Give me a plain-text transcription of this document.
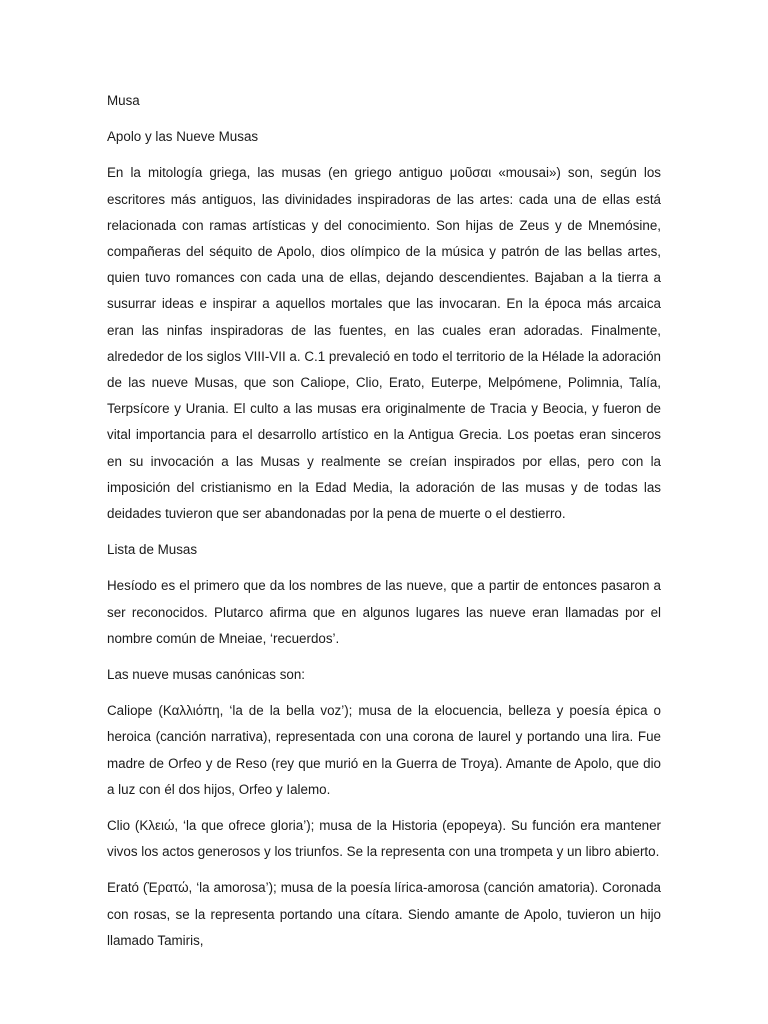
Musa

Apolo y las Nueve Musas

En la mitología griega, las musas (en griego antiguo μοῦσαι «mousai») son, según los escritores más antiguos, las divinidades inspiradoras de las artes: cada una de ellas está relacionada con ramas artísticas y del conocimiento. Son hijas de Zeus y de Mnemósine, compañeras del séquito de Apolo, dios olímpico de la música y patrón de las bellas artes, quien tuvo romances con cada una de ellas, dejando descendientes. Bajaban a la tierra a susurrar ideas e inspirar a aquellos mortales que las invocaran. En la época más arcaica eran las ninfas inspiradoras de las fuentes, en las cuales eran adoradas. Finalmente, alrededor de los siglos VIII-VII a. C.1 prevaleció en todo el territorio de la Hélade la adoración de las nueve Musas, que son Caliope, Clio, Erato, Euterpe, Melpómene, Polimnia, Talía, Terpsícore y Urania. El culto a las musas era originalmente de Tracia y Beocia, y fueron de vital importancia para el desarrollo artístico en la Antigua Grecia. Los poetas eran sinceros en su invocación a las Musas y realmente se creían inspirados por ellas, pero con la imposición del cristianismo en la Edad Media, la adoración de las musas y de todas las deidades tuvieron que ser abandonadas por la pena de muerte o el destierro.

Lista de Musas

Hesíodo es el primero que da los nombres de las nueve, que a partir de entonces pasaron a ser reconocidos. Plutarco afirma que en algunos lugares las nueve eran llamadas por el nombre común de Mneiae, ‘recuerdos’.

Las nueve musas canónicas son:

Caliope (Καλλιόπη, ‘la de la bella voz’); musa de la elocuencia, belleza y poesía épica o heroica (canción narrativa), representada con una corona de laurel y portando una lira. Fue madre de Orfeo y de Reso (rey que murió en la Guerra de Troya). Amante de Apolo, que dio a luz con él dos hijos, Orfeo y Ialemo.

Clio (Κλειώ, ‘la que ofrece gloria’); musa de la Historia (epopeya). Su función era mantener vivos los actos generosos y los triunfos. Se la representa con una trompeta y un libro abierto.

Erató (Ἐρατώ, ‘la amorosa’); musa de la poesía lírica-amorosa (canción amatoria). Coronada con rosas, se la representa portando una cítara. Siendo amante de Apolo, tuvieron un hijo llamado Tamiris,
